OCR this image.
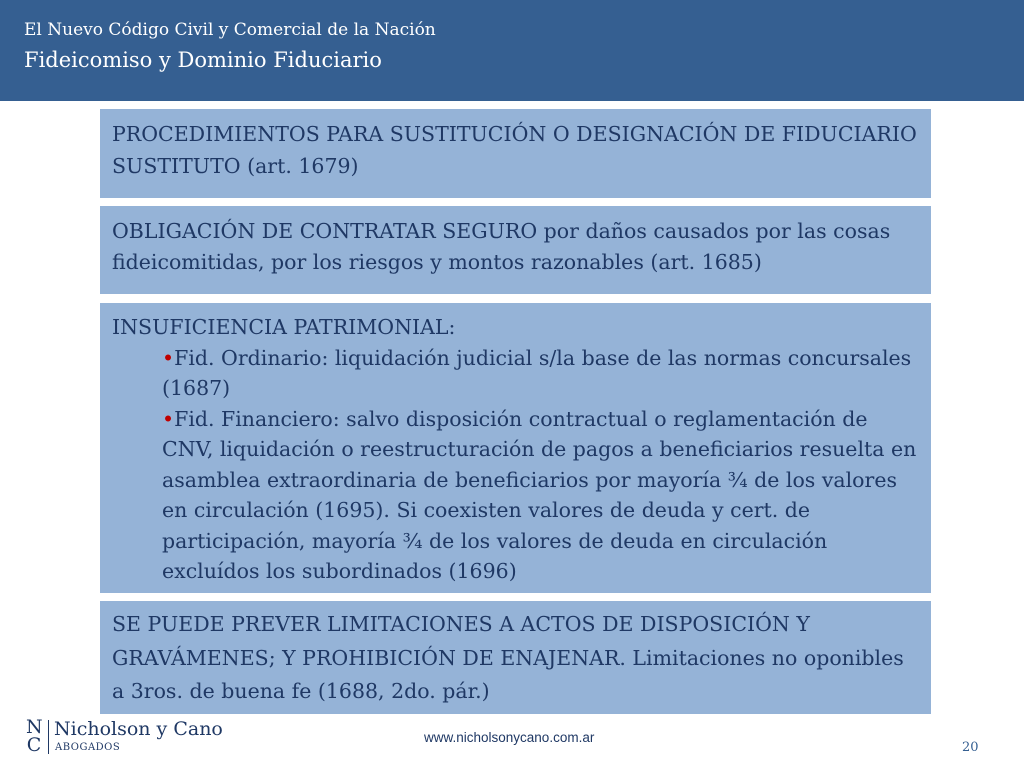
El Nuevo Código Civil y Comercial de la Nación
Fideicomiso y Dominio Fiduciario
PROCEDIMIENTOS PARA SUSTITUCIÓN O DESIGNACIÓN DE FIDUCIARIO SUSTITUTO (art. 1679)
OBLIGACIÓN DE CONTRATAR SEGURO por daños causados por las cosas fideicomitidas, por los riesgos y montos razonables (art. 1685)
INSUFICIENCIA PATRIMONIAL:
•Fid. Ordinario: liquidación judicial s/la base de las normas concursales (1687)
•Fid. Financiero: salvo disposición contractual o reglamentación de CNV, liquidación o reestructuración de pagos a beneficiarios resuelta en asamblea extraordinaria de beneficiarios por mayoría ¾ de los valores en circulación (1695). Si coexisten valores de deuda y cert. de participación, mayoría ¾ de los valores de deuda en circulación excluídos los subordinados (1696)
SE PUEDE PREVER LIMITACIONES A ACTOS DE DISPOSICIÓN Y GRAVÁMENES; Y PROHIBICIÓN DE ENAJENAR. Limitaciones no oponibles a 3ros. de buena fe (1688, 2do. pár.)
N
C
Nicholson y Cano
ABOGADOS
www.nicholsonycano.com.ar
20
